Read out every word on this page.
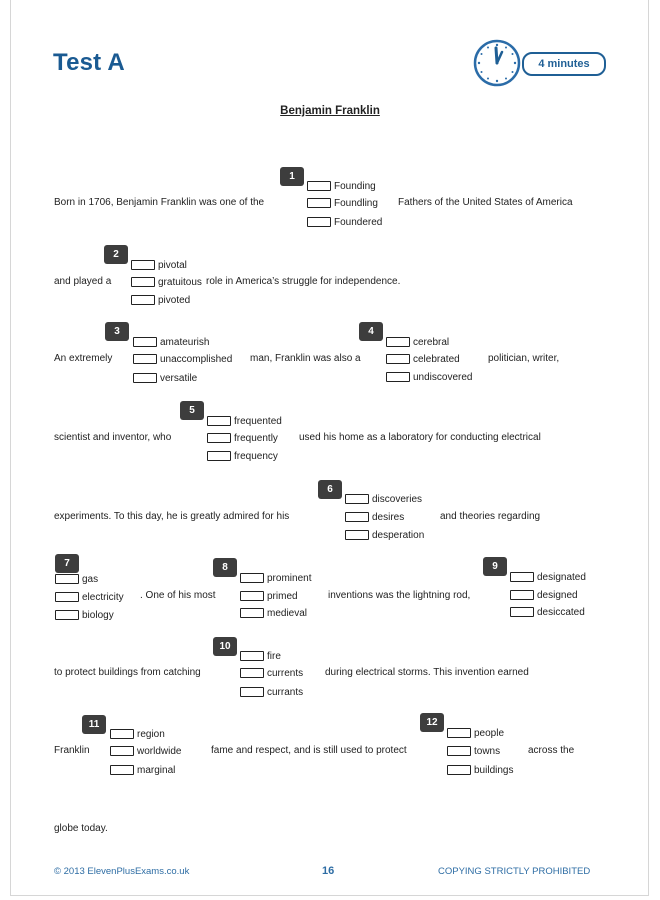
Test A	4 minutes
Benjamin Franklin
1
Founding
Born in 1706, Benjamin Franklin was one of the	Foundling Fathers of the United States of America
Foundered
2
pivotal
and played a	gratuitous role in America’s struggle for independence.
pivoted
3
amateurish
An extremely	unaccomplished man, Franklin was also a
versatile
4
cerebral
celebrated	politician, writer,
undiscovered
5
frequented
scientist and inventor, who	frequently used his home as a laboratory for conducting electrical
frequency
6
discoveries
experiments. To this day, he is greatly admired for his	desires	and theories regarding
desperation
7
gas
electricity
biology
. One of his most
8
prominent
primed	inventions was the lightning rod,
medieval
9
designated
designed
desiccated
10
fire
to protect buildings from catching	currents during electrical storms. This invention earned
currants
11
region
Franklin	worldwide	fame and respect, and is still used to protect
marginal
12
people
towns	across the
buildings
globe today.
© 2013 ElevenPlusExams.co.uk	16	COPYING STRICTLY PROHIBITED
